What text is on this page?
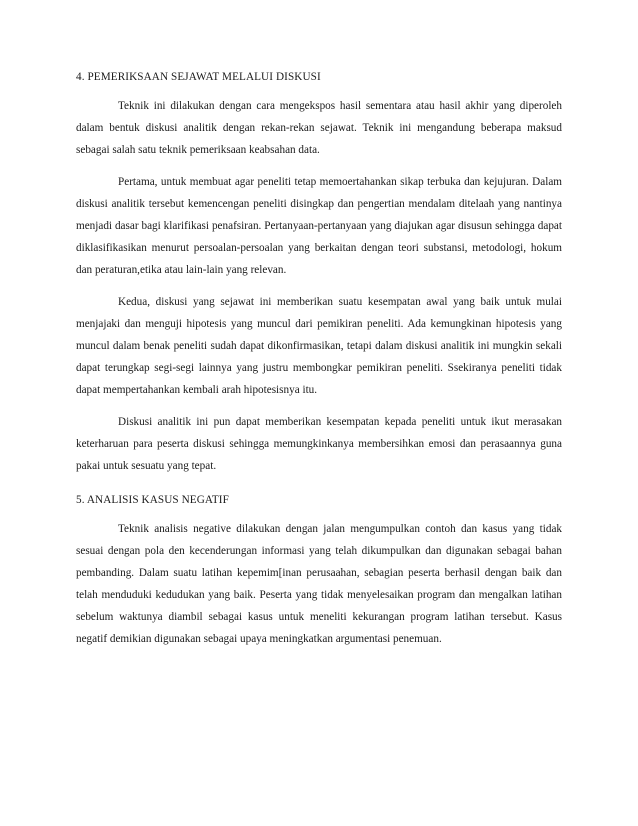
4. PEMERIKSAAN SEJAWAT MELALUI DISKUSI

Teknik ini dilakukan dengan cara mengekspos hasil sementara atau hasil akhir yang diperoleh dalam bentuk diskusi analitik dengan rekan-rekan sejawat. Teknik ini mengandung beberapa maksud sebagai salah satu teknik pemeriksaan keabsahan data.

Pertama, untuk membuat agar peneliti tetap memoertahankan sikap terbuka dan kejujuran. Dalam diskusi analitik tersebut kemencengan peneliti disingkap dan pengertian mendalam ditelaah yang nantinya menjadi dasar bagi klarifikasi penafsiran. Pertanyaan-pertanyaan yang diajukan agar disusun sehingga dapat diklasifikasikan menurut persoalan-persoalan yang berkaitan dengan teori substansi, metodologi, hokum dan peraturan,etika atau lain-lain yang relevan.

Kedua, diskusi yang sejawat ini memberikan suatu kesempatan awal yang baik untuk mulai menjajaki dan menguji hipotesis yang muncul dari pemikiran peneliti. Ada kemungkinan hipotesis yang muncul dalam benak peneliti sudah dapat dikonfirmasikan, tetapi dalam diskusi analitik ini mungkin sekali dapat terungkap segi-segi lainnya yang justru membongkar pemikiran peneliti. Ssekiranya peneliti tidak dapat mempertahankan kembali arah hipotesisnya itu.

Diskusi analitik ini pun dapat memberikan kesempatan kepada peneliti untuk ikut merasakan keterharuan para peserta diskusi sehingga memungkinkanya membersihkan emosi dan perasaannya guna pakai untuk sesuatu yang tepat.

5. ANALISIS KASUS NEGATIF

Teknik analisis negative dilakukan dengan jalan mengumpulkan contoh dan kasus yang tidak sesuai dengan pola den kecenderungan informasi yang telah dikumpulkan dan digunakan sebagai bahan pembanding. Dalam suatu latihan kepemim[inan perusaahan, sebagian peserta berhasil dengan baik dan telah menduduki kedudukan yang baik. Peserta yang tidak menyelesaikan program dan mengalkan latihan sebelum waktunya diambil sebagai kasus untuk meneliti kekurangan program latihan tersebut. Kasus negatif demikian digunakan sebagai upaya meningkatkan argumentasi penemuan.
